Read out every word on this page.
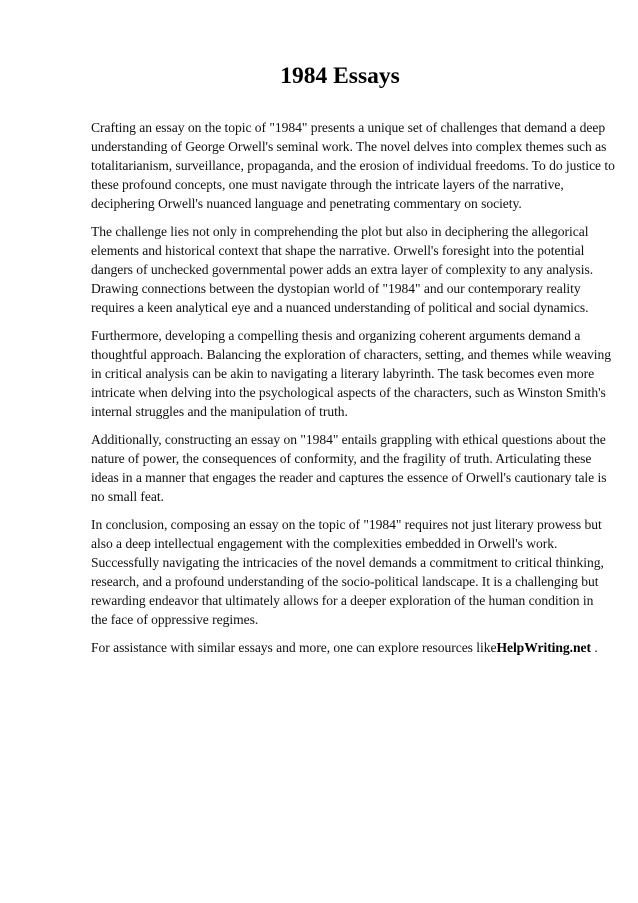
1984 Essays

Crafting an essay on the topic of "1984" presents a unique set of challenges that demand a deep
understanding of George Orwell's seminal work. The novel delves into complex themes such as
totalitarianism, surveillance, propaganda, and the erosion of individual freedoms. To do justice to
these profound concepts, one must navigate through the intricate layers of the narrative,
deciphering Orwell's nuanced language and penetrating commentary on society.

The challenge lies not only in comprehending the plot but also in deciphering the allegorical
elements and historical context that shape the narrative. Orwell's foresight into the potential
dangers of unchecked governmental power adds an extra layer of complexity to any analysis.
Drawing connections between the dystopian world of "1984" and our contemporary reality
requires a keen analytical eye and a nuanced understanding of political and social dynamics.

Furthermore, developing a compelling thesis and organizing coherent arguments demand a
thoughtful approach. Balancing the exploration of characters, setting, and themes while weaving
in critical analysis can be akin to navigating a literary labyrinth. The task becomes even more
intricate when delving into the psychological aspects of the characters, such as Winston Smith's
internal struggles and the manipulation of truth.

Additionally, constructing an essay on "1984" entails grappling with ethical questions about the
nature of power, the consequences of conformity, and the fragility of truth. Articulating these
ideas in a manner that engages the reader and captures the essence of Orwell's cautionary tale is
no small feat.

In conclusion, composing an essay on the topic of "1984" requires not just literary prowess but
also a deep intellectual engagement with the complexities embedded in Orwell's work.
Successfully navigating the intricacies of the novel demands a commitment to critical thinking,
research, and a profound understanding of the socio-political landscape. It is a challenging but
rewarding endeavor that ultimately allows for a deeper exploration of the human condition in
the face of oppressive regimes.

For assistance with similar essays and more, one can explore resources likeHelpWriting.net .
